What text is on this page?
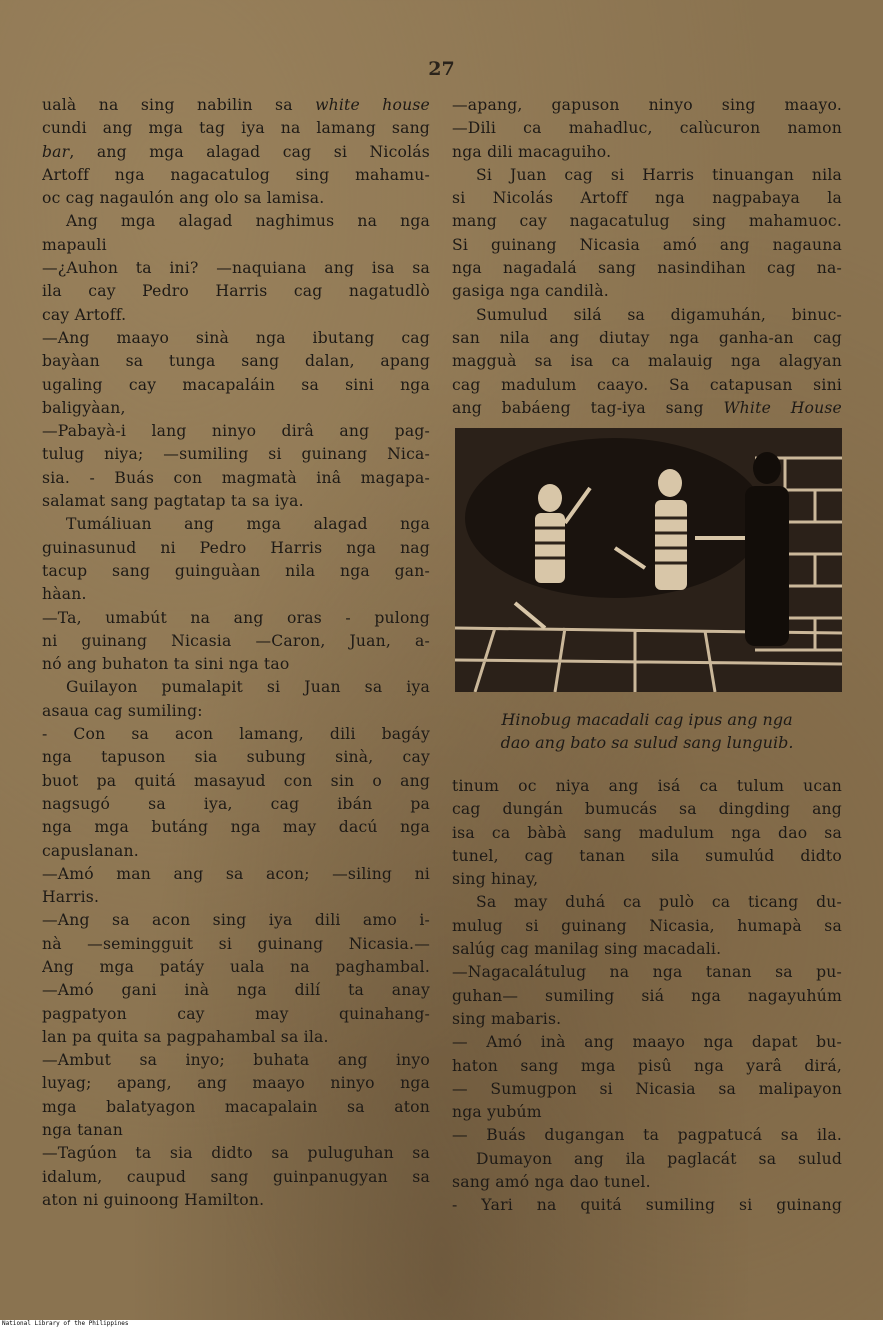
27
ualà na sing nabilin sa white house
cundi ang mga tag iya na lamang sang
bar, ang mga alagad cag si Nicolás
Artoff nga nagacatulog sing mahamu-
oc cag nagaulón ang olo sa lamisa.
Ang mga alagad naghimus na nga
mapauli
—¿Auhon ta ini? —naquiana ang isa sa
ila cay Pedro Harris cag nagatudlò
cay Artoff.
—Ang maayo sinà nga ibutang cag
bayàan sa tunga sang dalan, apang
ugaling cay macapaláin sa sini nga
baligyàan,
—Pabayà-i lang ninyo dirâ ang pag-
tulug niya; —sumiling si guinang Nica-
sia. - Buás con magmatà inâ magapa-
salamat sang pagtatap ta sa iya.
Tumáliuan ang mga alagad nga
guinasunud ni Pedro Harris nga nag
tacup sang guinguàan nila nga gan-
hàan.
—Ta, umabút na ang oras - pulong
ni guinang Nicasia —Caron, Juan, a-
nó ang buhaton ta sini nga tao
Guilayon pumalapit si Juan sa iya
asaua cag sumiling:
- Con sa acon lamang, dili bagáy
nga tapuson sia subung sinà, cay
buot pa quitá masayud con sin o ang
nagsugó sa iya, cag ibán pa
nga mga butáng nga may dacú nga
capuslanan.
—Amó man ang sa acon; —siling ni
Harris.
—Ang sa acon sing iya dili amo i-
nà —semingguit si guinang Nicasia.—
Ang mga patáy uala na paghambal.
—Amó gani inà nga dilí ta anay
pagpatyon cay may quinahang-
lan pa quita sa pagpahambal sa ila.
—Ambut sa inyo; buhata ang inyo
luyag; apang, ang maayo ninyo nga
mga balatyagon macapalain sa aton
nga tanan
—Tagúon ta sia didto sa puluguhan sa
idalum, caupud sang guinpanugyan sa
aton ni guinoong Hamilton.
—apang, gapuson ninyo sing maayo.
—Dili ca mahadluc, calùcuron namon
nga dili macaguiho.
Si Juan cag si Harris tinuangan nila
si Nicolás Artoff nga nagpabaya la
mang cay nagacatulug sing mahamuoc.
Si guinang Nicasia amó ang nagauna
nga nagadalá sang nasindihan cag na-
gasiga nga candilà.
Sumulud silá sa digamuhán, binuc-
san nila ang diutay nga ganha-an cag
magguà sa isa ca malauig nga alagyan
cag madulum caayo. Sa catapusan sini
ang babáeng tag-iya sang White House
Hinobug macadali cag ipus ang nga
dao ang bato sa sulud sang lunguib.
tinum oc niya ang isá ca tulum ucan
cag dungán bumucás sa dingding ang
isa ca bàbà sang madulum nga dao sa
tunel, cag tanan sila sumulúd didto
sing hinay,
Sa may duhá ca pulò ca ticang du-
mulug si guinang Nicasia, humapà sa
salúg cag manilag sing macadali.
—Nagacalátulug na nga tanan sa pu-
guhan— sumiling siá nga nagayuhúm
sing mabaris.
— Amó inà ang maayo nga dapat bu-
haton sang mga pisû nga yarâ dirá,
— Sumugpon si Nicasia sa malipayon
nga yubúm
— Buás dugangan ta pagpatucá sa ila.
Dumayon ang ila paglacát sa sulud
sang amó nga dao tunel.
- Yari na quitá sumiling si guinang
National Library of the Philippines
